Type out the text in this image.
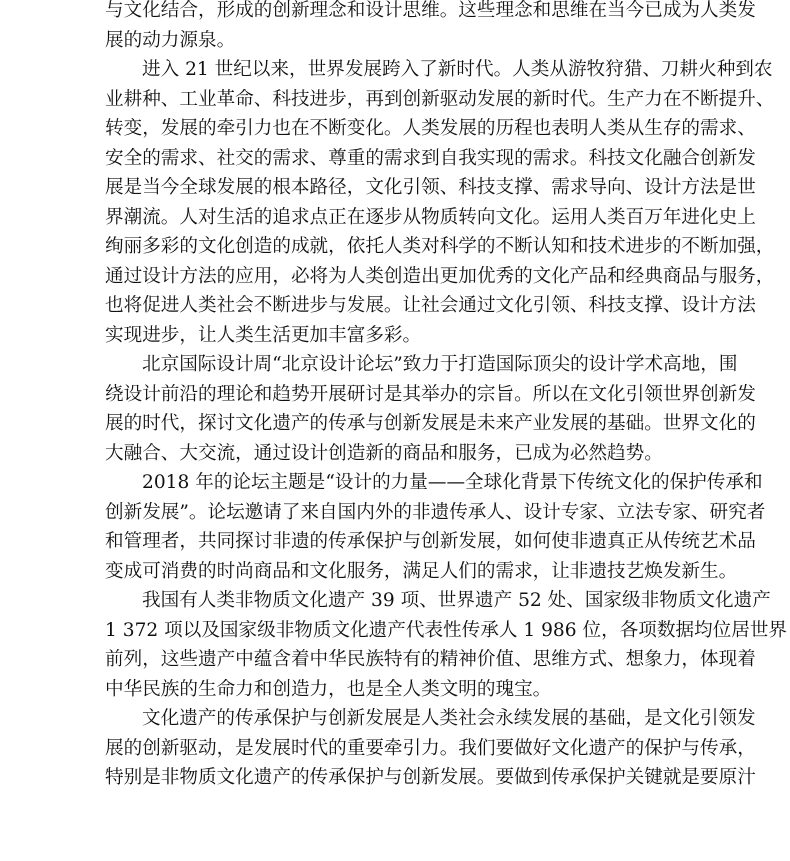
与文化结合，形成的创新理念和设计思维。这些理念和思维在当今已成为人类发
展的动力源泉。
进入 21 世纪以来，世界发展跨入了新时代。人类从游牧狩猎、刀耕火种到农
业耕种、工业革命、科技进步，再到创新驱动发展的新时代。生产力在不断提升、
转变，发展的牵引力也在不断变化。人类发展的历程也表明人类从生存的需求、
安全的需求、社交的需求、尊重的需求到自我实现的需求。科技文化融合创新发
展是当今全球发展的根本路径，文化引领、科技支撑、需求导向、设计方法是世
界潮流。人对生活的追求点正在逐步从物质转向文化。运用人类百万年进化史上
绚丽多彩的文化创造的成就，依托人类对科学的不断认知和技术进步的不断加强，
通过设计方法的应用，必将为人类创造出更加优秀的文化产品和经典商品与服务，
也将促进人类社会不断进步与发展。让社会通过文化引领、科技支撑、设计方法
实现进步，让人类生活更加丰富多彩。
北京国际设计周“北京设计论坛”致力于打造国际顶尖的设计学术高地，围
绕设计前沿的理论和趋势开展研讨是其举办的宗旨。所以在文化引领世界创新发
展的时代，探讨文化遗产的传承与创新发展是未来产业发展的基础。世界文化的
大融合、大交流，通过设计创造新的商品和服务，已成为必然趋势。
2018 年的论坛主题是“设计的力量——全球化背景下传统文化的保护传承和
创新发展”。论坛邀请了来自国内外的非遗传承人、设计专家、立法专家、研究者
和管理者，共同探讨非遗的传承保护与创新发展，如何使非遗真正从传统艺术品
变成可消费的时尚商品和文化服务，满足人们的需求，让非遗技艺焕发新生。
我国有人类非物质文化遗产 39 项、世界遗产 52 处、国家级非物质文化遗产
1 372 项以及国家级非物质文化遗产代表性传承人 1 986 位，各项数据均位居世界
前列，这些遗产中蕴含着中华民族特有的精神价值、思维方式、想象力，体现着
中华民族的生命力和创造力，也是全人类文明的瑰宝。
文化遗产的传承保护与创新发展是人类社会永续发展的基础，是文化引领发
展的创新驱动，是发展时代的重要牵引力。我们要做好文化遗产的保护与传承，
特别是非物质文化遗产的传承保护与创新发展。要做到传承保护关键就是要原汁
